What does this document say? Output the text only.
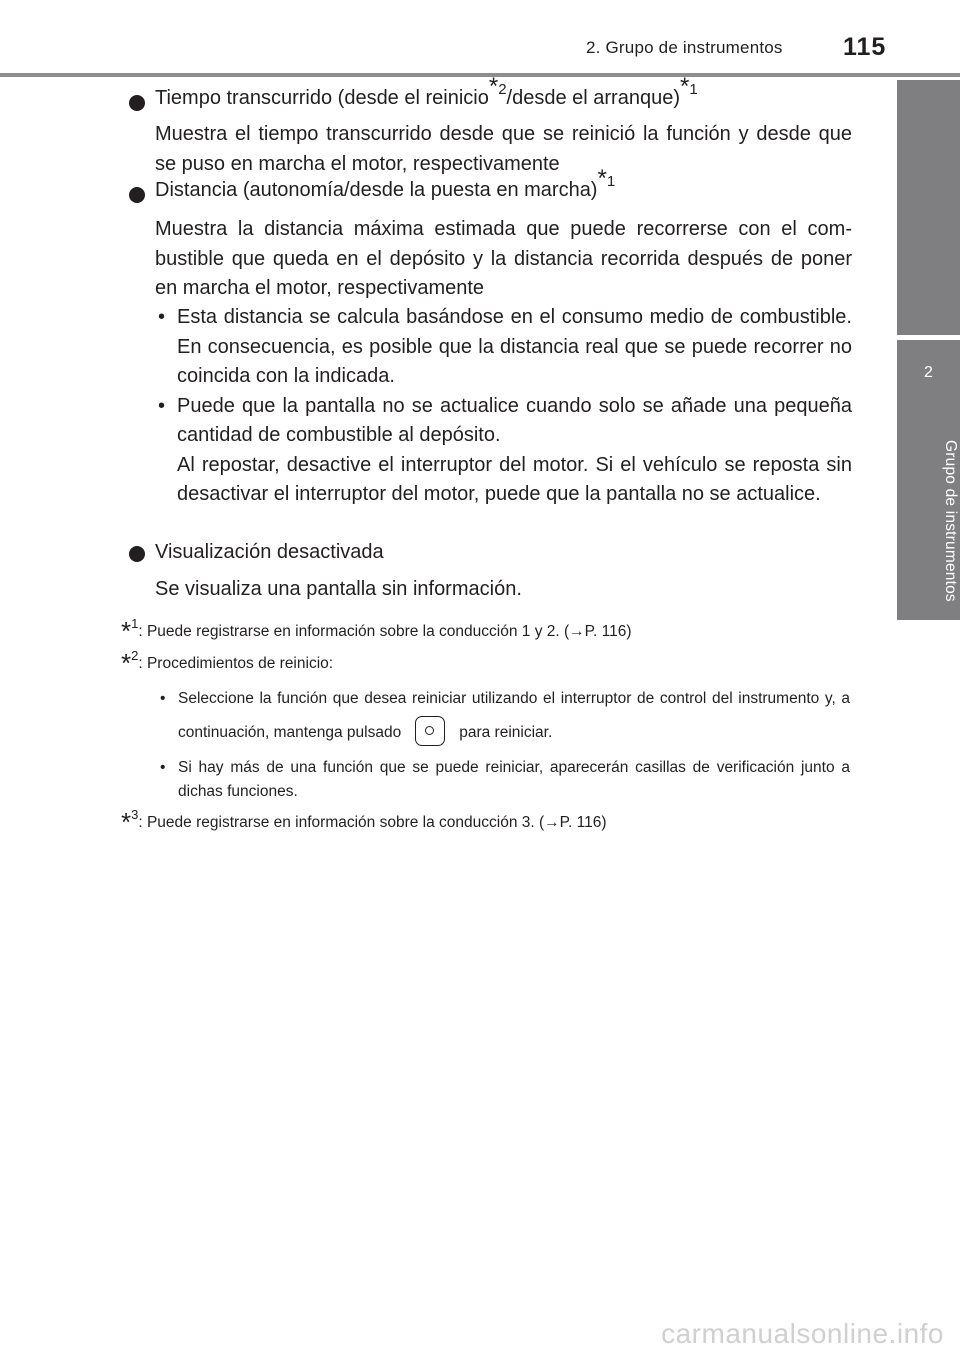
2. Grupo de instrumentos 115
2
Grupo de instrumentos
Tiempo transcurrido (desde el reinicio$^{*2}$/desde el arranque)$^{*1}$
Muestra el tiempo transcurrido desde que se reinició la función y desde que se puso en marcha el motor, respectivamente
Distancia (autonomía/desde la puesta en marcha)$^{*1}$
Muestra la distancia máxima estimada que puede recorrerse con el combustible que queda en el depósito y la distancia recorrida después de poner en marcha el motor, respectivamente
• Esta distancia se calcula basándose en el consumo medio de combustible. En consecuencia, es posible que la distancia real que se puede recorrer no coincida con la indicada.
• Puede que la pantalla no se actualice cuando solo se añade una pequeña cantidad de combustible al depósito.
Al repostar, desactive el interruptor del motor. Si el vehículo se reposta sin desactivar el interruptor del motor, puede que la pantalla no se actualice.
Visualización desactivada
Se visualiza una pantalla sin información.
*$^1$: Puede registrarse en información sobre la conducción 1 y 2. (→P. 116)
*$^2$: Procedimientos de reinicio:
• Seleccione la función que desea reiniciar utilizando el interruptor de control del instrumento y, a continuación, mantenga pulsado	para reiniciar.
• Si hay más de una función que se puede reiniciar, aparecerán casillas de verificación junto a dichas funciones.
*$^3$: Puede registrarse en información sobre la conducción 3. (→P. 116)
carmanualsonline.info
